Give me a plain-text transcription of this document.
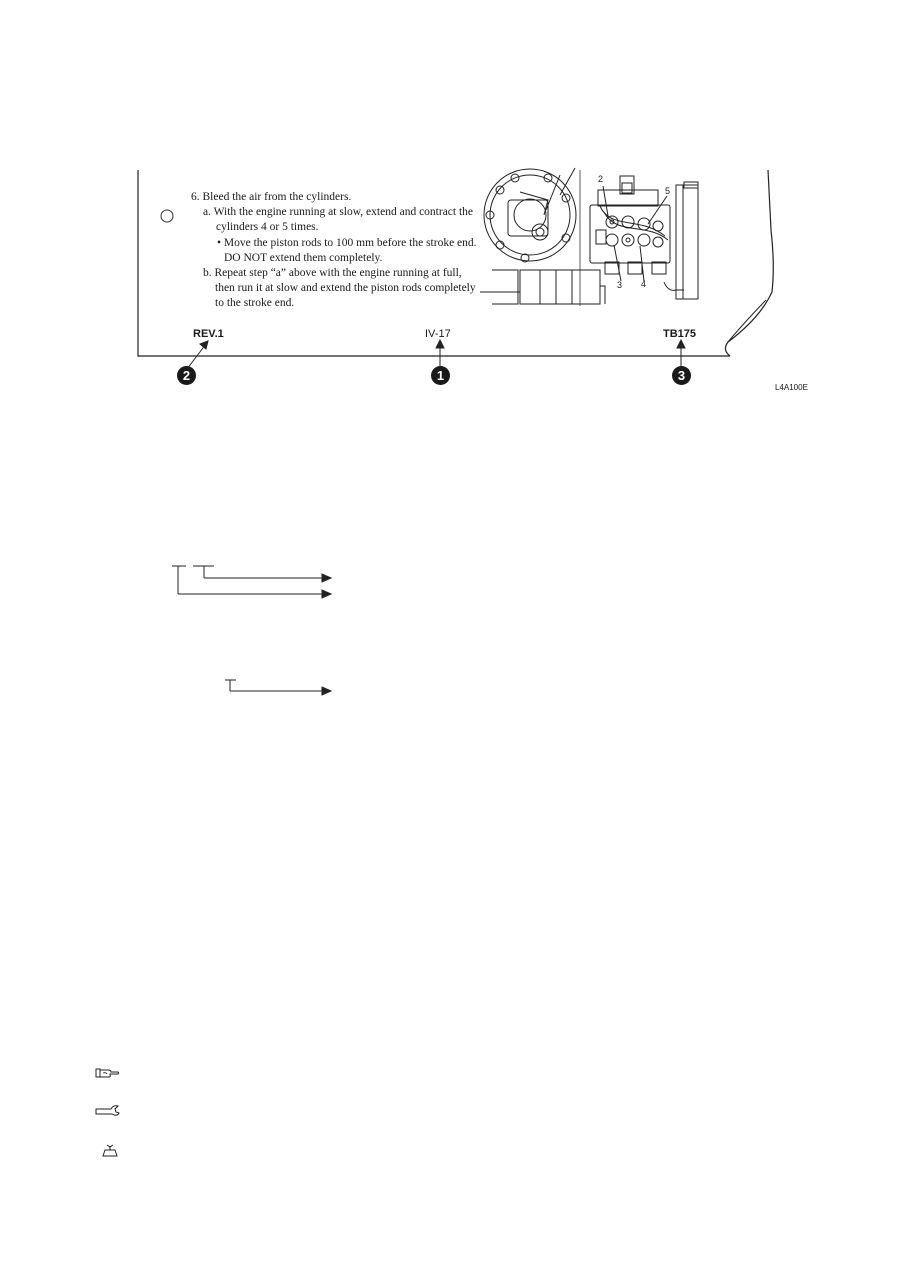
6. Bleed the air from the cylinders.
a. With the engine running at slow, extend and contract the
cylinders 4 or 5 times.
• Move the piston rods to 100 mm before the stroke end.
DO NOT extend them completely.
b. Repeat step “a” above with the engine running at full,
then run it at slow and extend the piston rods completely
to the stroke end.
2
5
3 4
REV.1	IV-17	TB175
2	1	3
L4A100E
